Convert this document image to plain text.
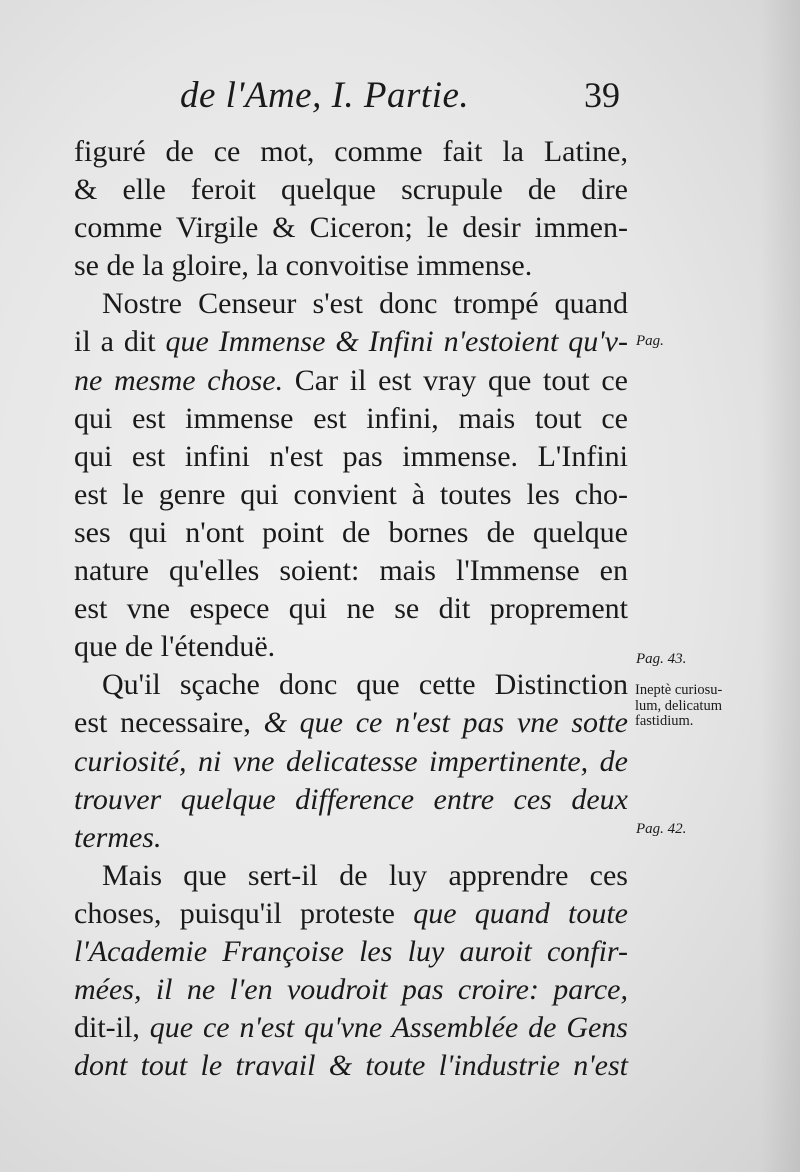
de l'Ame, I. Partie.	39
figuré de ce mot, comme fait la Latine,
& elle feroit quelque scrupule de dire
comme Virgile & Ciceron; le desir immen-
se de la gloire, la convoitise immense.
Nostre Censeur s'est donc trompé quand
il a dit que Immense & Infini n'estoient qu'v-
ne mesme chose. Car il est vray que tout ce
qui est immense est infini, mais tout ce
qui est infini n'est pas immense. L'Infini
est le genre qui convient à toutes les cho-
ses qui n'ont point de bornes de quelque
nature qu'elles soient: mais l'Immense en
est vne espece qui ne se dit proprement
que de l'étenduë.
Qu'il sçache donc que cette Distinction
est necessaire, & que ce n'est pas vne sotte
curiosité, ni vne delicatesse impertinente, de
trouver quelque difference entre ces deux
termes.
Mais que sert-il de luy apprendre ces
choses, puisqu'il proteste que quand toute
l'Academie Françoise les luy auroit confir-
mées, il ne l'en voudroit pas croire: parce,
dit-il, que ce n'est qu'vne Assemblée de Gens
dont tout le travail & toute l'industrie n'est
Pag.
Pag. 43.
Ineptè curiosu-
lum, delicatum
fastidium.
Pag. 42.
